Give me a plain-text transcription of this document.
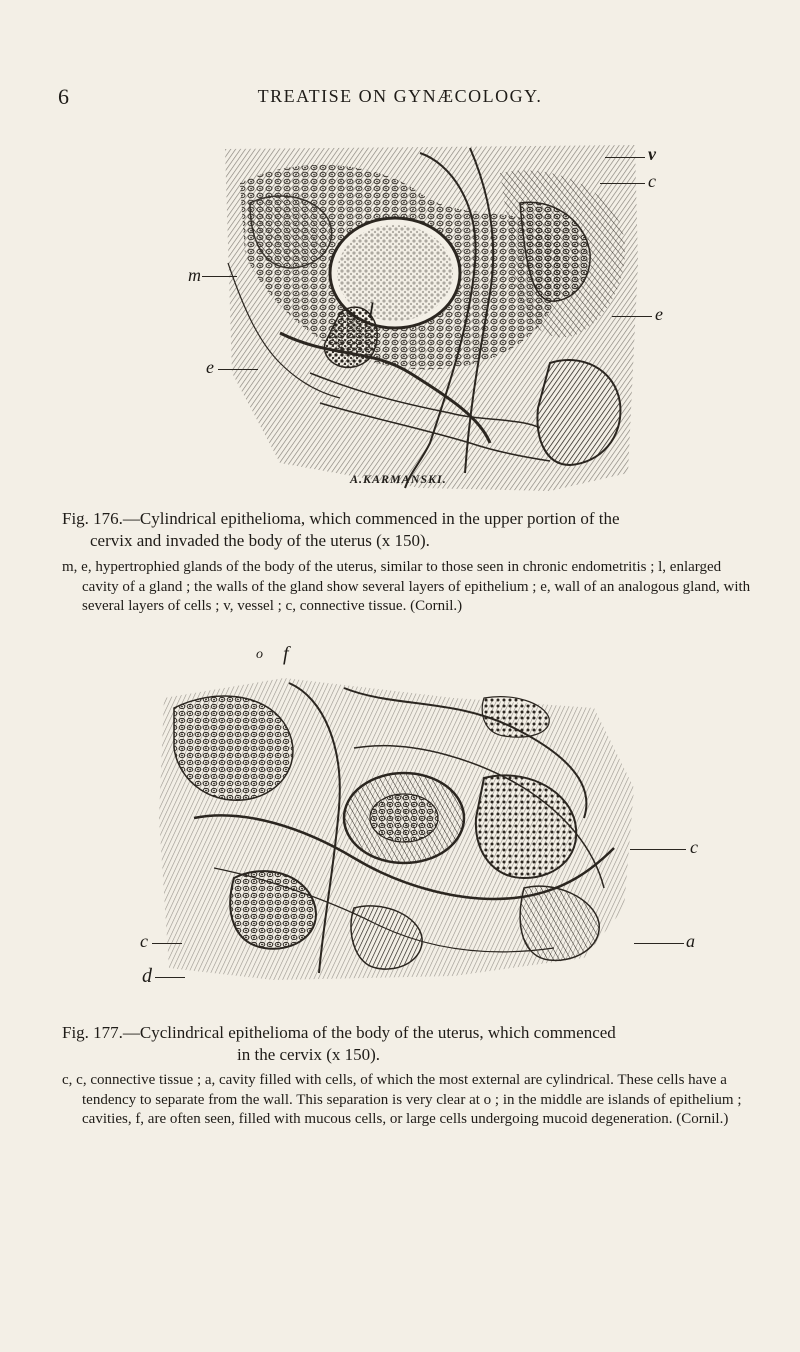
6	TREATISE ON GYNÆCOLOGY.
v
c
m
e
l
e
A.KARMANSKI.
Fig. 176.—Cylindrical epithelioma, which commenced in the upper portion of the
cervix and invaded the body of the uterus (x 150).
m, e, hypertrophied glands of the body of the uterus, similar to those seen in chronic endometritis ; l, enlarged cavity of a gland ; the walls of the gland show several layers of epithelium ; e, wall of an analogous gland, with several layers of cells ; v, vessel ; c, connective tissue. (Cornil.)
o f
c
c	a
d
Fig. 177.—Cyclindrical epithelioma of the body of the uterus, which commenced
in the cervix (x 150).
c, c, connective tissue ; a, cavity filled with cells, of which the most external are cylindrical. These cells have a tendency to separate from the wall. This separation is very clear at o ; in the middle are islands of epithelium ; cavities, f, are often seen, filled with mucous cells, or large cells undergoing mucoid degeneration. (Cornil.)
